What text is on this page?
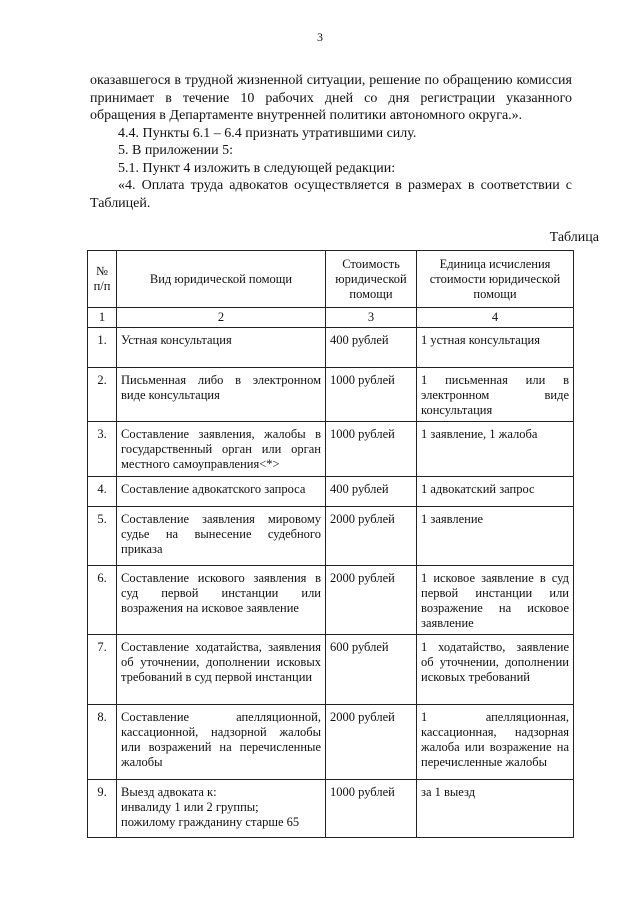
3

оказавшегося в трудной жизненной ситуации, решение по обращению комиссия принимает в течение 10 рабочих дней со дня регистрации указанного обращения в Департаменте внутренней политики автономного округа.».

4.4. Пункты 6.1 – 6.4 признать утратившими силу.

5. В приложении 5:

5.1. Пункт 4 изложить в следующей редакции:

«4. Оплата труда адвокатов осуществляется в размерах в соответствии с Таблицей.

Таблица
№ п/п	Вид юридической помощи	Стоимость юридической помощи	Единица исчисления стоимости юридической помощи
1	2	3	4
1.	Устная консультация	400 рублей	1 устная консультация
2.	Письменная либо в электронном виде консультация	1000 рублей	1 письменная или в электронном виде консультация
3.	Составление заявления, жалобы в государственный орган или орган местного самоуправления<*>	1000 рублей	1 заявление, 1 жалоба
4.	Составление адвокатского запроса	400 рублей	1 адвокатский запрос
5.	Составление заявления мировому судье на вынесение судебного приказа	2000 рублей	1 заявление
6.	Составление искового заявления в суд первой инстанции или возражения на исковое заявление	2000 рублей	1 исковое заявление в суд первой инстанции или возражение на исковое заявление
7.	Составление ходатайства, заявления об уточнении, дополнении исковых требований в суд первой инстанции	600 рублей	1 ходатайство, заявление об уточнении, дополнении исковых требований
8.	Составление апелляционной, кассационной, надзорной жалобы или возражений на перечисленные жалобы	2000 рублей	1 апелляционная, кассационная, надзорная жалоба или возражение на перечисленные жалобы
9.	Выезд адвоката к:
инвалиду 1 или 2 группы;
пожилому гражданину старше 65	1000 рублей	за 1 выезд
